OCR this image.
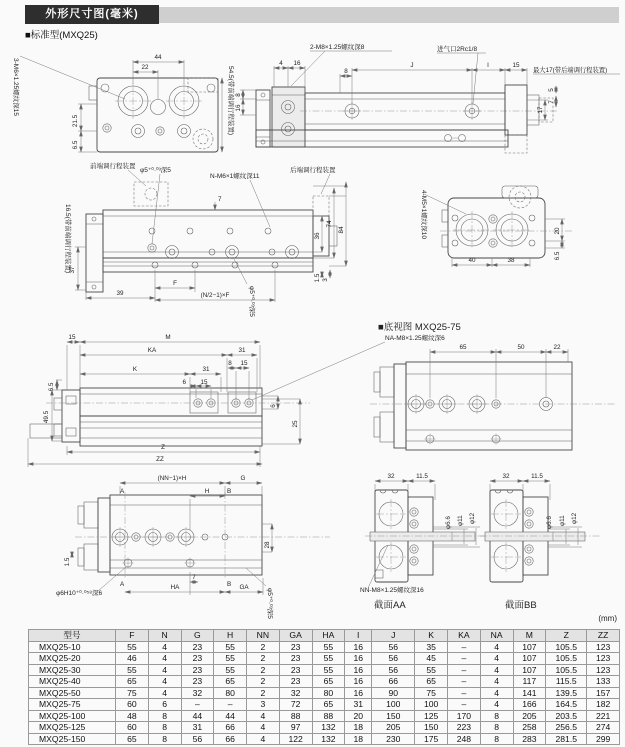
外形尺寸图(毫米)
■标准型(MXQ25)
44
22
21.5
6.5
3-M6×1.25螺纹深15	54.5(带前端调行程装置)
4 16
8
8
16
J	I	15
最大17(带后端调行程装置)
17
5
7
2-M8×1.25螺纹深8	进气口2Rc1/8
前端调行程装置
φ5⁺⁰·⁰³深5
N-M6×1螺纹深11
后端调行程装置
16.5(带前端调行程装置)
37
7
39
F
(N/2−1)×F	φ5⁺⁰·⁰³深5
36
74
84
1.5 3
40	38
20
6.5
4-M5×1螺纹深10
15	M
KA	31
8 15
K	31
6 15
NA-M8×1.25螺纹深6
6
25
6.5
49.5
Z
ZZ
■底视图 MXQ25-75
65	50	22
(NN−1)×H	G
A	H	B
A	B
7
HA	GA
28
1.5
φ6H10⁺⁰·⁰⁵⁸深6	φ5⁺⁰·⁰³深5
32	11.5
φ6.6 φ11 φ12
NN-M8×1.25螺纹深16
截面AA
32	11.5
φ6.6 φ11 φ12
截面BB
(mm)
型号	F	N	G	H	NN	GA	HA	I	J	K	KA	NA	M	Z	ZZ
MXQ25-10	55	4	23	55	2	23	55	16	56	35	–	4	107	105.5	123
MXQ25-20	46	4	23	55	2	23	55	16	56	45	–	4	107	105.5	123
MXQ25-30	55	4	23	55	2	23	55	16	56	55	–	4	107	105.5	123
MXQ25-40	65	4	23	65	2	23	65	16	66	65	–	4	117	115.5	133
MXQ25-50	75	4	32	80	2	32	80	16	90	75	–	4	141	139.5	157
MXQ25-75	60	6	–	–	3	72	65	31	100	100	–	4	166	164.5	182
MXQ25-100	48	8	44	44	4	88	88	20	150	125	170	8	205	203.5	221
MXQ25-125	60	8	31	66	4	97	132	18	205	150	223	8	258	256.5	274
MXQ25-150	65	8	56	66	4	122	132	18	230	175	248	8	283	281.5	299
